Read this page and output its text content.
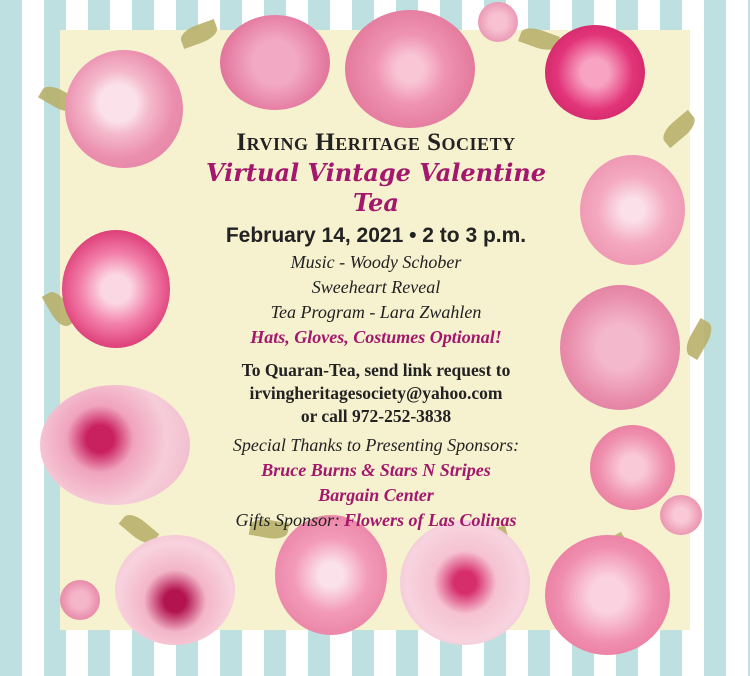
Irving Heritage Society

Virtual Vintage Valentine Tea

February 14, 2021 • 2 to 3 p.m.
Music - Woody Schober
Sweeheart Reveal
Tea Program - Lara Zwahlen
Hats, Gloves, Costumes Optional!
To Quaran-Tea, send link request to
irvingheritagesociety@yahoo.com
or call 972-252-3838
Special Thanks to Presenting Sponsors:
Bruce Burns & Stars N Stripes
Bargain Center
Gifts Sponsor: Flowers of Las Colinas
